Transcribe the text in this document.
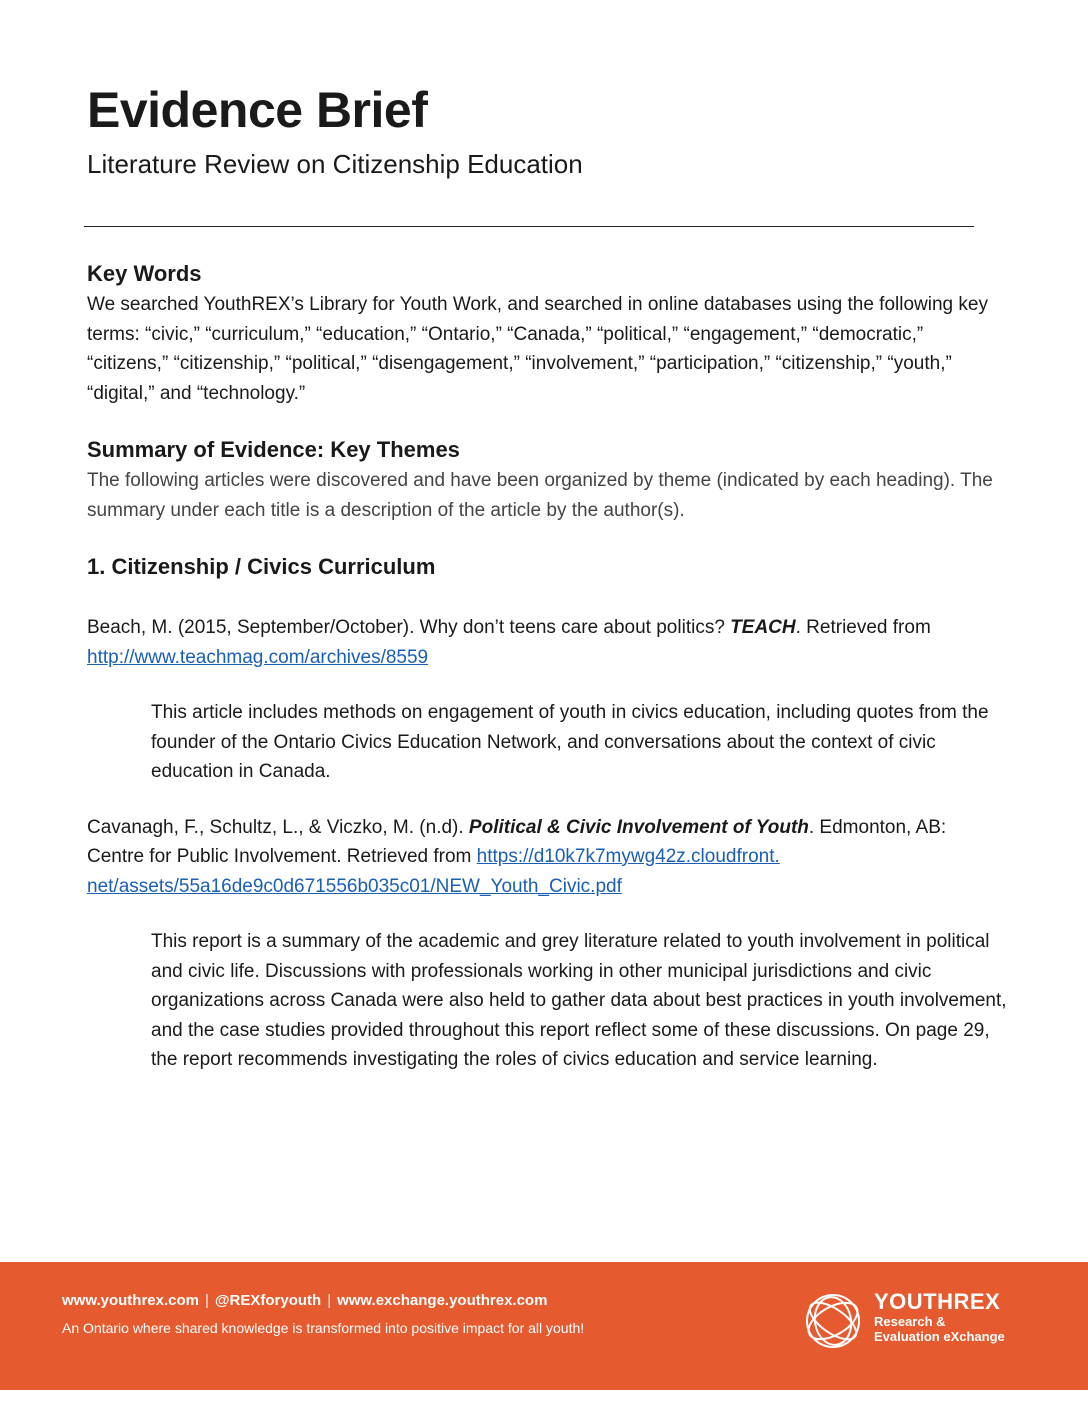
Evidence Brief
Literature Review on Citizenship Education
Key Words

We searched YouthREX’s Library for Youth Work, and searched in online databases using the following key terms: “civic,” “curriculum,” “education,” “Ontario,” “Canada,” “political,” “engagement,” “democratic,” “citizens,” “citizenship,” “political,” “disengagement,” “involvement,” “participation,” “citizenship,” “youth,” “digital,” and “technology.”

Summary of Evidence: Key Themes

The following articles were discovered and have been organized by theme (indicated by each heading). The summary under each title is a description of the article by the author(s).

1. Citizenship / Civics Curriculum

Beach, M. (2015, September/October). Why don’t teens care about politics? TEACH. Retrieved from http://www.teachmag.com/archives/8559

This article includes methods on engagement of youth in civics education, including quotes from the founder of the Ontario Civics Education Network, and conversations about the context of civic education in Canada.

Cavanagh, F., Schultz, L., & Viczko, M. (n.d). Political & Civic Involvement of Youth. Edmonton, AB: Centre for Public Involvement. Retrieved from https://d10k7k7mywg42z.cloudfront.
net/assets/55a16de9c0d671556b035c01/NEW_Youth_Civic.pdf

This report is a summary of the academic and grey literature related to youth involvement in political and civic life. Discussions with professionals working in other municipal jurisdictions and civic organizations across Canada were also held to gather data about best practices in youth involvement, and the case studies provided throughout this report reflect some of these discussions. On page 29, the report recommends investigating the roles of civics education and service learning.

www.youthrex.com | @REXforyouth | www.exchange.youthrex.com
An Ontario where shared knowledge is transformed into positive impact for all youth!
YOUTHREX
Research &
Evaluation eXchange
